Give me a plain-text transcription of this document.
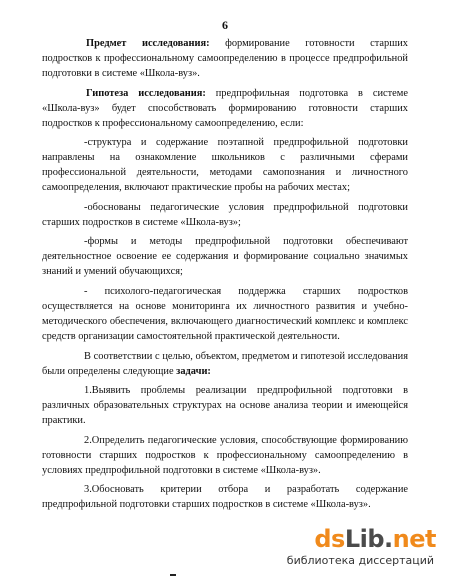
6

Предмет исследования: формирование готовности старших подростков к профессиональному самоопределению в процессе предпрофильной подготовки в системе «Школа-вуз».

Гипотеза исследования: предпрофильная подготовка в системе «Школа-вуз» будет способствовать формированию готовности старших подростков к профессиональному самоопределению, если:

-структура и содержание поэтапной предпрофильной подготовки направлены на ознакомление школьников с различными сферами профессиональной деятельности, методами самопознания и личностного самоопределения, включают практические пробы на рабочих местах;

-обоснованы педагогические условия предпрофильной подготовки старших подростков в системе «Школа-вуз»;

-формы и методы предпрофильной подготовки обеспечивают деятельностное освоение ее содержания и формирование социально значимых знаний и умений обучающихся;

- психолого-педагогическая поддержка старших подростков осуществляется на основе мониторинга их личностного развития и учебно-методического обеспечения, включающего диагностический комплекс и комплекс средств организации самостоятельной практической деятельности.

В соответствии с целью, объектом, предметом и гипотезой исследования были определены следующие задачи:

1.Выявить проблемы реализации предпрофильной подготовки в различных образовательных структурах на основе анализа теории и имеющейся практики.

2.Определить педагогические условия, способствующие формированию готовности старших подростков к профессиональному самоопределению в условиях предпрофильной подготовки в системе «Школа-вуз».

3.Обосновать критерии отбора и разработать содержание предпрофильной подготовки старших подростков в системе «Школа-вуз».

dsLib.net
библиотека диссертаций
